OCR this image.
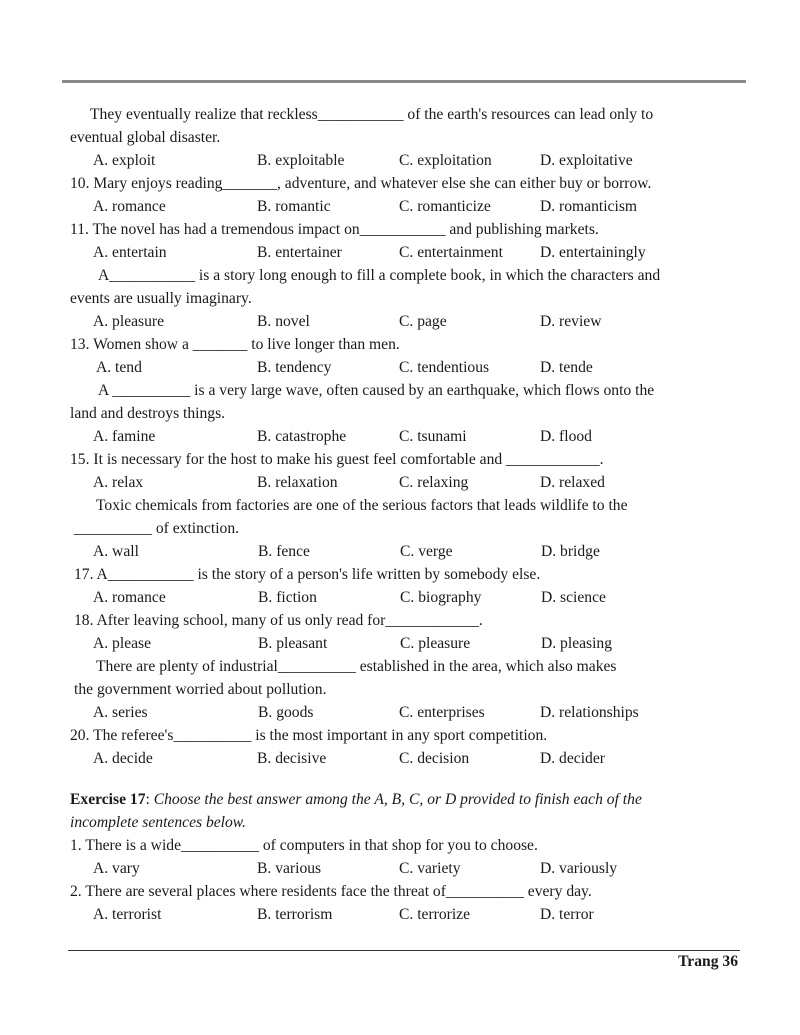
They eventually realize that reckless___________ of the earth's resources can lead only to
eventual global disaster.
A. exploit	B. exploitable	C. exploitation	D. exploitative
10. Mary enjoys reading_______, adventure, and whatever else she can either buy or borrow.
A. romance	B. romantic	C. romanticize	D. romanticism
11. The novel has had a tremendous impact on___________ and publishing markets.
A. entertain	B. entertainer	C. entertainment D. entertainingly
A___________ is a story long enough to fill a complete book, in which the characters and
events are usually imaginary.
A. pleasure	B. novel	C. page	D. review
13. Women show a _______ to live longer than men.
A. tend	B. tendency	C. tendentious	D. tende
A __________ is a very large wave, often caused by an earthquake, which flows onto the
land and destroys things.
A. famine	B. catastrophe	C. tsunami	D. flood
15. It is necessary for the host to make his guest feel comfortable and ____________.
A. relax	B. relaxation	C. relaxing	D. relaxed
Toxic chemicals from factories are one of the serious factors that leads wildlife to the
__________ of extinction.
A. wall	B. fence	C. verge	D. bridge
17. A___________ is the story of a person's life written by somebody else.
A. romance	B. fiction	C. biography	D. science
18. After leaving school, many of us only read for____________.
A. please	B. pleasant	C. pleasure	D. pleasing
There are plenty of industrial__________ established in the area, which also makes
the government worried about pollution.
A. series	B. goods	C. enterprises	D. relationships
20. The referee's__________ is the most important in any sport competition.
A. decide	B. decisive	C. decision	D. decider
Exercise 17: Choose the best answer among the A, B, C, or D provided to finish each of the
incomplete sentences below.
1. There is a wide__________ of computers in that shop for you to choose.
A. vary	B. various	C. variety	D. variously
2. There are several places where residents face the threat of__________ every day.
A. terrorist	B. terrorism	C. terrorize	D. terror
Trang 36
